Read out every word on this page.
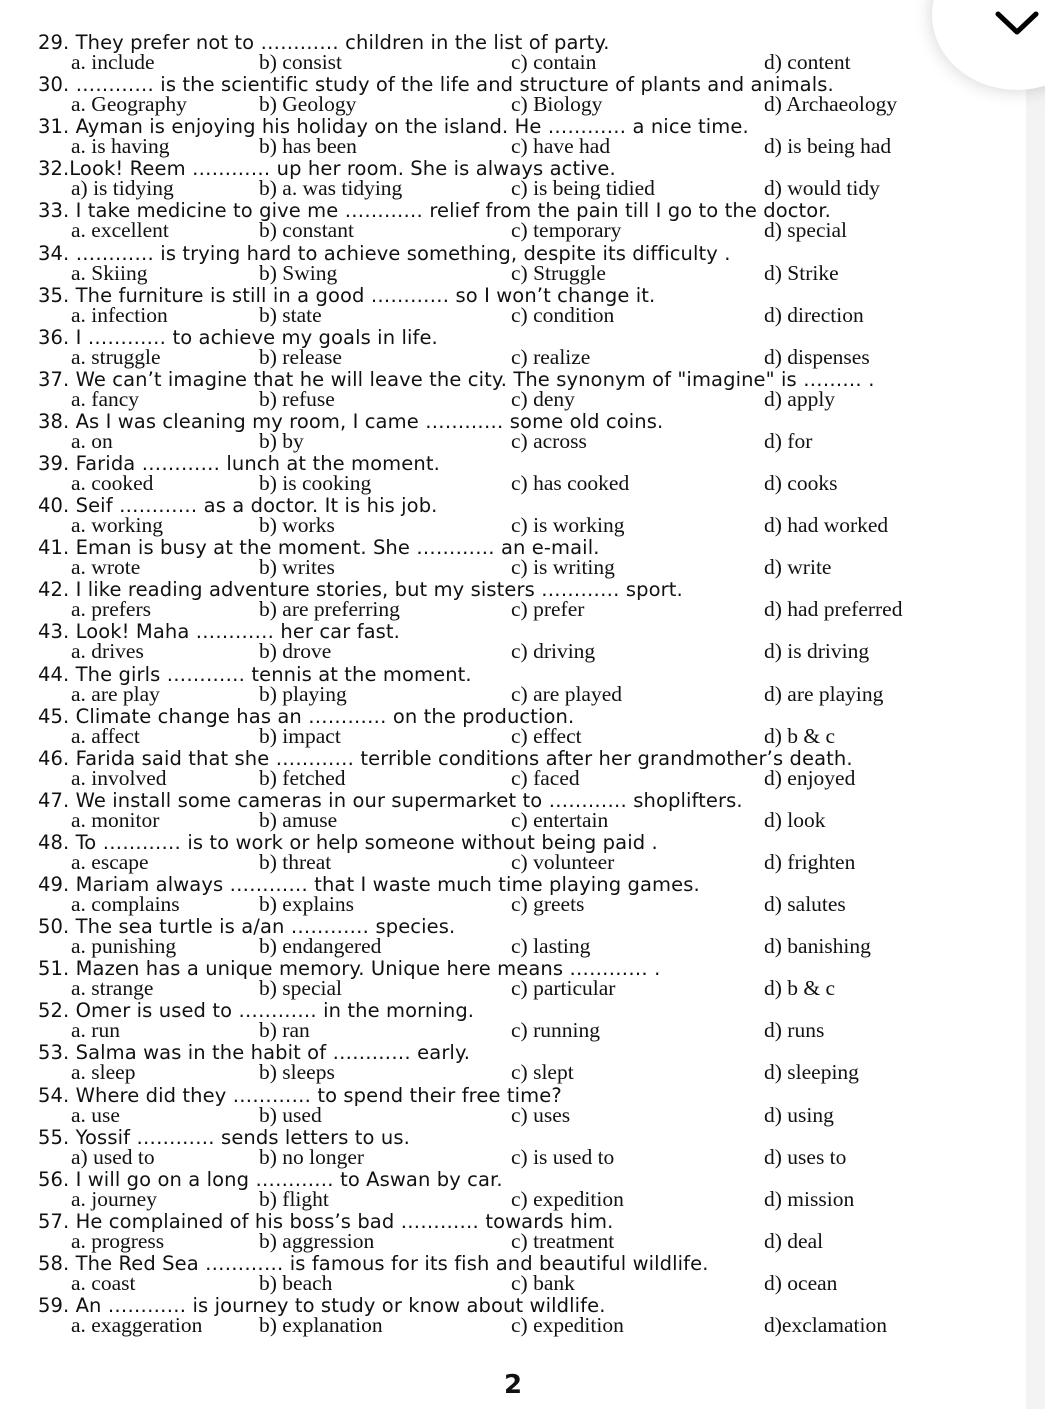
29. They prefer not to ………… children in the list of party.
a. include	b) consist	c) contain	d) content
30. ………… is the scientific study of the life and structure of plants and animals.
a. Geography	b) Geology	c) Biology	d) Archaeology
31. Ayman is enjoying his holiday on the island. He ………… a nice time.
a. is having	b) has been	c) have had	d) is being had
32.Look! Reem ………… up her room. She is always active.
a) is tidying	b) a. was tidying	c) is being tidied	d) would tidy
33. I take medicine to give me ………… relief from the pain till I go to the doctor.
a. excellent	b) constant	c) temporary	d) special
34. ………… is trying hard to achieve something, despite its difficulty .
a. Skiing	b) Swing	c) Struggle	d) Strike
35. The furniture is still in a good ………… so I won’t change it.
a. infection	b) state	c) condition	d) direction
36. I ………… to achieve my goals in life.
a. struggle	b) release	c) realize	d) dispenses
37. We can’t imagine that he will leave the city. The synonym of "imagine" is ……… .
a. fancy	b) refuse	c) deny	d) apply
38. As I was cleaning my room, I came ………… some old coins.
a. on	b) by	c) across	d) for
39. Farida ………… lunch at the moment.
a. cooked	b) is cooking	c) has cooked	d) cooks
40. Seif ………… as a doctor. It is his job.
a. working	b) works	c) is working	d) had worked
41. Eman is busy at the moment. She ………… an e-mail.
a. wrote	b) writes	c) is writing	d) write
42. I like reading adventure stories, but my sisters ………… sport.
a. prefers	b) are preferring	c) prefer	d) had preferred
43. Look! Maha ………… her car fast.
a. drives	b) drove	c) driving	d) is driving
44. The girls ………… tennis at the moment.
a. are play	b) playing	c) are played	d) are playing
45. Climate change has an ………… on the production.
a. affect	b) impact	c) effect	d) b & c
46. Farida said that she ………… terrible conditions after her grandmother’s death.
a. involved	b) fetched	c) faced	d) enjoyed
47. We install some cameras in our supermarket to ………… shoplifters.
a. monitor	b) amuse	c) entertain	d) look
48. To ………… is to work or help someone without being paid .
a. escape	b) threat	c) volunteer	d) frighten
49. Mariam always ………… that I waste much time playing games.
a. complains	b) explains	c) greets	d) salutes
50. The sea turtle is a/an ………… species.
a. punishing	b) endangered	c) lasting	d) banishing
51. Mazen has a unique memory. Unique here means ………… .
a. strange	b) special	c) particular	d) b & c
52. Omer is used to ………… in the morning.
a. run	b) ran	c) running	d) runs
53. Salma was in the habit of ………… early.
a. sleep	b) sleeps	c) slept	d) sleeping
54. Where did they ………… to spend their free time?
a. use	b) used	c) uses	d) using
55. Yossif ………… sends letters to us.
a) used to	b) no longer	c) is used to	d) uses to
56. I will go on a long ………… to Aswan by car.
a. journey	b) flight	c) expedition	d) mission
57. He complained of his boss’s bad ………… towards him.
a. progress	b) aggression	c) treatment	d) deal
58. The Red Sea ………… is famous for its fish and beautiful wildlife.
a. coast	b) beach	c) bank	d) ocean
59. An ………… is journey to study or know about wildlife.
a. exaggeration	b) explanation	c) expedition	d)exclamation
2
